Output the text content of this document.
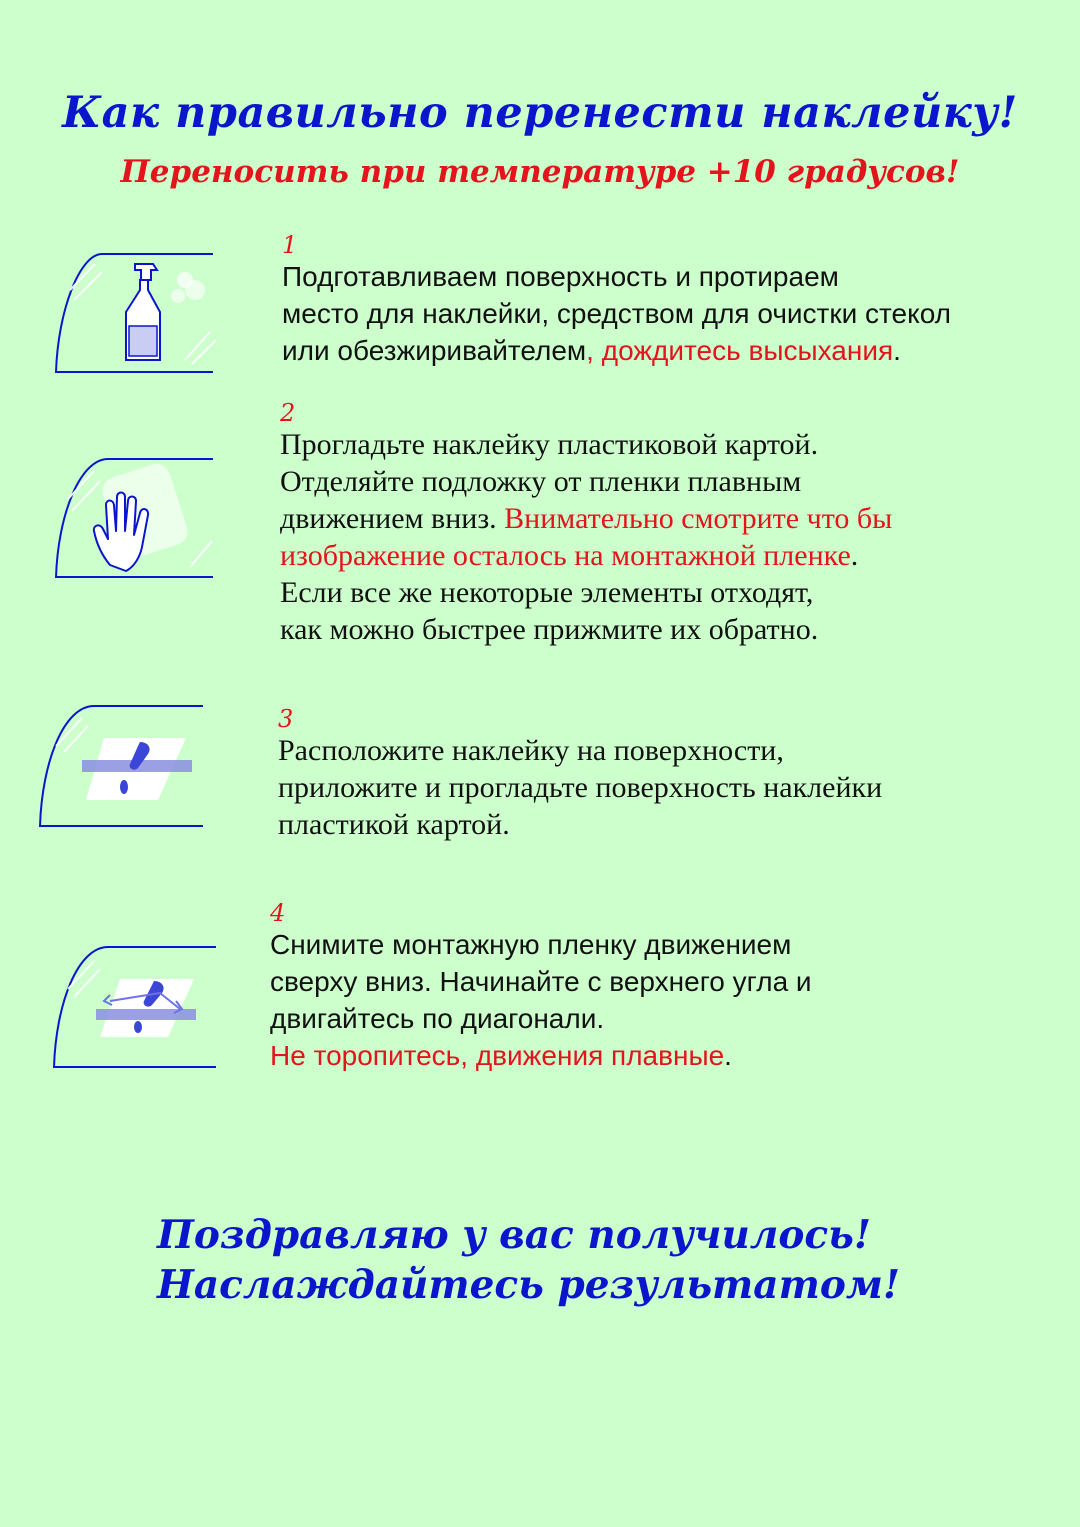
Как правильно перенести наклейку!
Переносить при температуре +10 градусов!
1
Подготавливаем поверхность и протираем
место для наклейки, средством для очистки стекол
или обезжиривайтелем, дождитесь высыхания.
2
Прогладьте наклейку пластиковой картой.
Отделяйте подложку от пленки плавным
движением вниз. Внимательно смотрите что бы
изображение осталось на монтажной пленке.
Если все же некоторые элементы отходят,
как можно быстрее прижмите их обратно.
3
Расположите наклейку на поверхности,
приложите и прогладьте поверхность наклейки
пластикой картой.
4
Снимите монтажную пленку движением
сверху вниз. Начинайте с верхнего угла и
двигайтесь по диагонали.
Не торопитесь, движения плавные.
Поздравляю у вас получилось!
Наслаждайтесь результатом!
